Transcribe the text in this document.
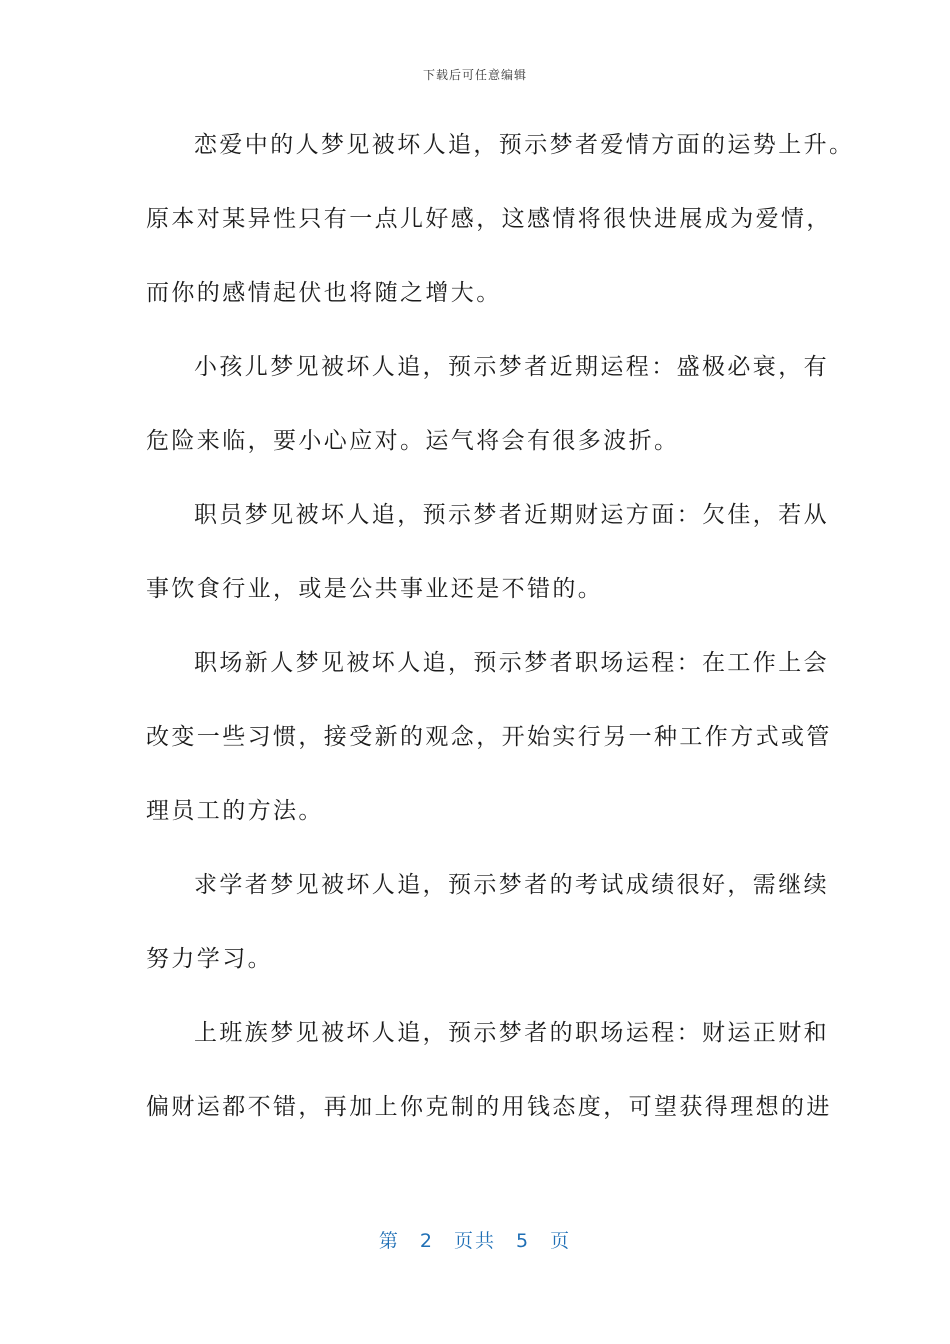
下载后可任意编辑
恋爱中的人梦见被坏人追，预示梦者爱情方面的运势上升。
原本对某异性只有一点儿好感，这感情将很快进展成为爱情，
而你的感情起伏也将随之增大。
小孩儿梦见被坏人追，预示梦者近期运程：盛极必衰，有
危险来临，要小心应对。运气将会有很多波折。
职员梦见被坏人追，预示梦者近期财运方面：欠佳，若从
事饮食行业，或是公共事业还是不错的。
职场新人梦见被坏人追，预示梦者职场运程：在工作上会
改变一些习惯，接受新的观念，开始实行另一种工作方式或管
理员工的方法。
求学者梦见被坏人追，预示梦者的考试成绩很好，需继续
努力学习。
上班族梦见被坏人追，预示梦者的职场运程：财运正财和
偏财运都不错，再加上你克制的用钱态度，可望获得理想的进
第 2 页共 5 页
